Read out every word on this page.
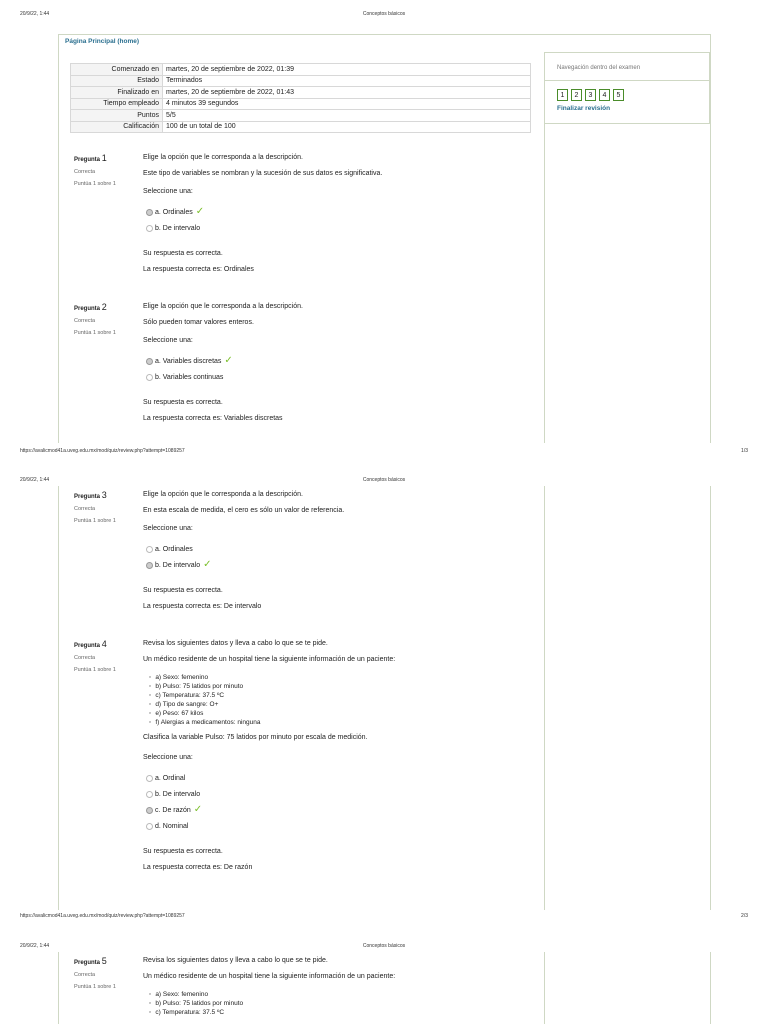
20/9/22, 1:44	Conceptos básicos
Página Principal (home)
Comenzado en	martes, 20 de septiembre de 2022, 01:39
Estado	Terminados
Finalizado en	martes, 20 de septiembre de 2022, 01:43
Tiempo empleado	4 minutos 39 segundos
Puntos	5/5
Calificación	100 de un total de 100
Navegación dentro del examen
1	2	3	4	5
Finalizar revisión
Pregunta 1
Correcta
Puntúa 1 sobre 1
Elige la opción que le corresponda a la descripción.
Este tipo de variables se nombran y la sucesión de sus datos es significativa.
Seleccione una:
a. Ordinales ✓
b. De intervalo
Su respuesta es correcta.
La respuesta correcta es: Ordinales
Pregunta 2
Correcta
Puntúa 1 sobre 1
Elige la opción que le corresponda a la descripción.
Sólo pueden tomar valores enteros.
Seleccione una:
a. Variables discretas ✓
b. Variables continuas
Su respuesta es correcta.
La respuesta correcta es: Variables discretas
https://avalicmod41a.uveg.edu.mx/mod/quiz/review.php?attempt=1089257	1/3
20/9/22, 1:44	Conceptos básicos
Pregunta 3
Correcta
Puntúa 1 sobre 1
Elige la opción que le corresponda a la descripción.
En esta escala de medida, el cero es sólo un valor de referencia.
Seleccione una:
a. Ordinales
b. De intervalo ✓
Su respuesta es correcta.
La respuesta correcta es: De intervalo
Pregunta 4
Correcta
Puntúa 1 sobre 1
Revisa los siguientes datos y lleva a cabo lo que se te pide.
Un médico residente de un hospital tiene la siguiente información de un paciente:
◦ a) Sexo: femenino
◦ b) Pulso: 75 latidos por minuto
◦ c) Temperatura: 37.5 ºC
◦ d) Tipo de sangre: O+
◦ e) Peso: 67 kilos
◦ f) Alergias a medicamentos: ninguna
Clasifica la variable Pulso: 75 latidos por minuto por escala de medición.
Seleccione una:
a. Ordinal
b. De intervalo
c. De razón ✓
d. Nominal
Su respuesta es correcta.
La respuesta correcta es: De razón
https://avalicmod41a.uveg.edu.mx/mod/quiz/review.php?attempt=1089257	2/3
20/9/22, 1:44	Conceptos básicos
Pregunta 5
Correcta
Puntúa 1 sobre 1
Revisa los siguientes datos y lleva a cabo lo que se te pide.
Un médico residente de un hospital tiene la siguiente información de un paciente:
◦ a) Sexo: femenino
◦ b) Pulso: 75 latidos por minuto
◦ c) Temperatura: 37.5 ºC
